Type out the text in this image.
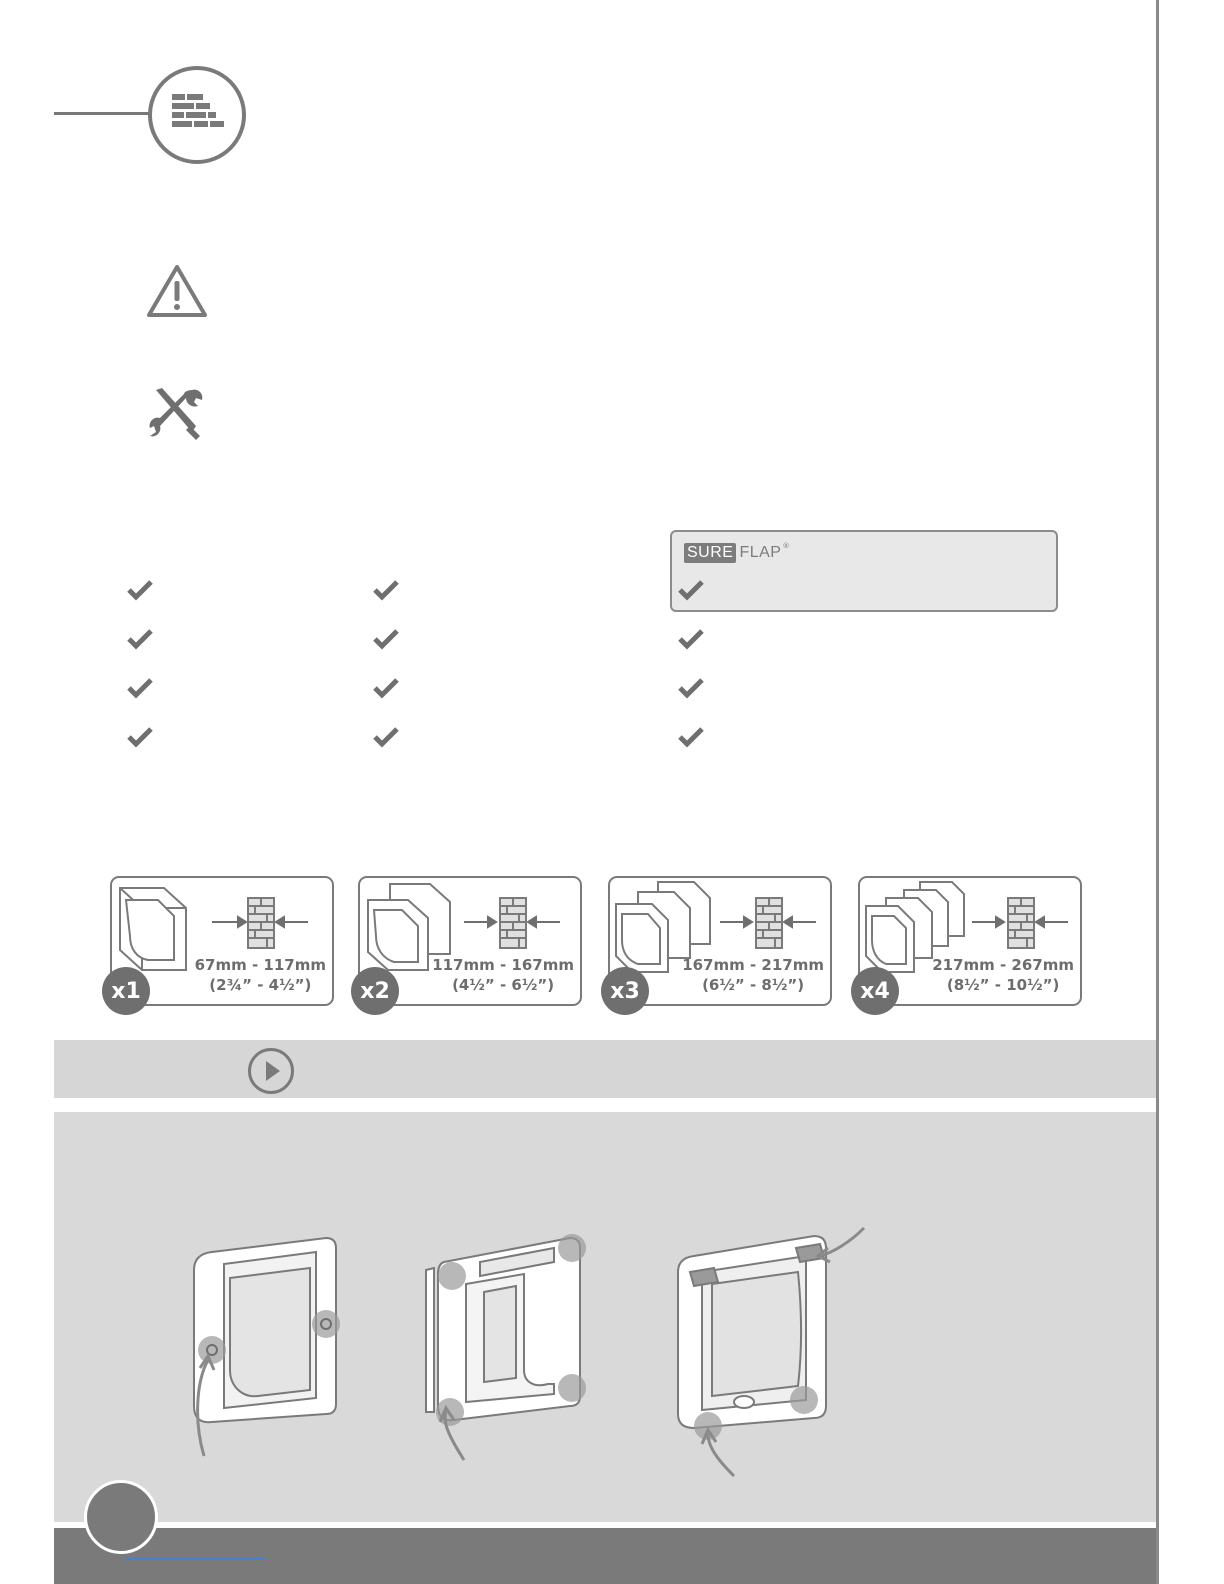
SURE FLAP ®
67mm - 117mm
(2¾” - 4½”)
x1
117mm - 167mm
(4½” - 6½”)
x2
167mm - 217mm
(6½” - 8½”)
x3
217mm - 267mm
(8½” - 10½”)
x4
